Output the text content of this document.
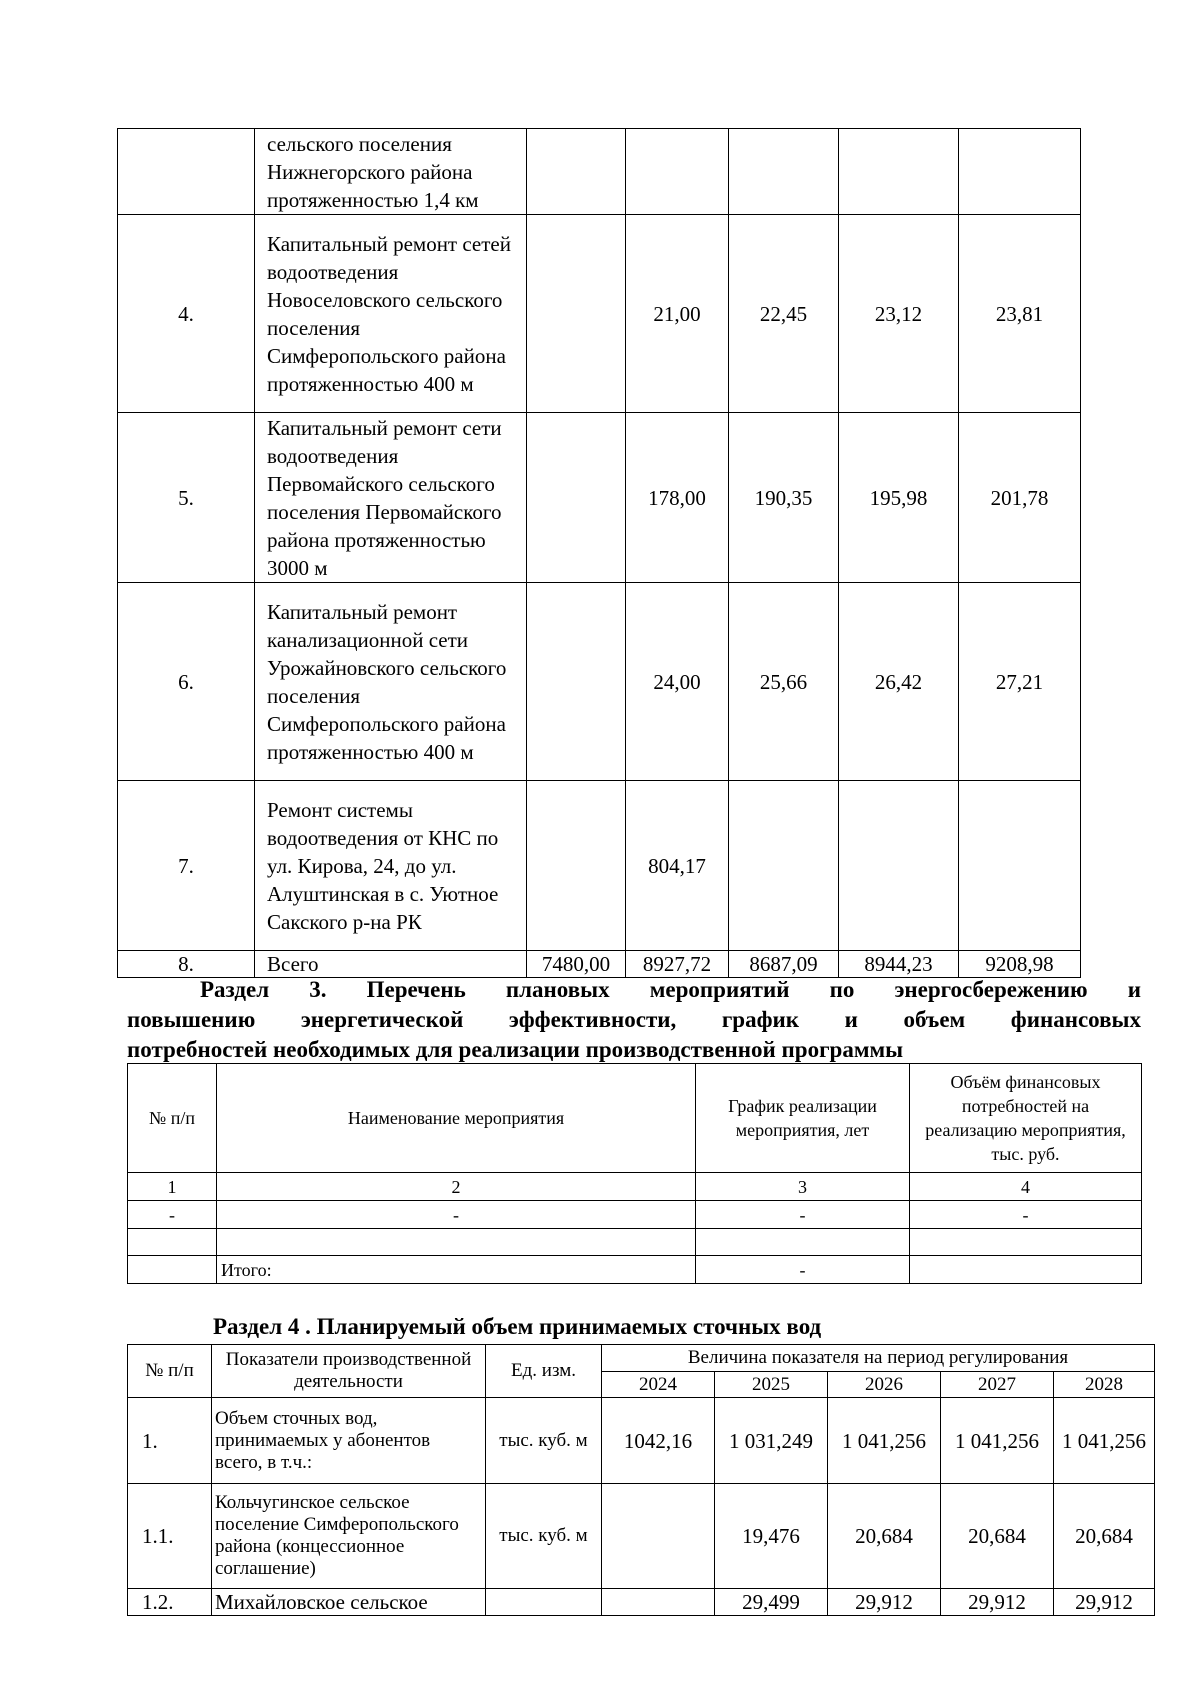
	сельского поселения Нижнегорского района протяженностью 1,4 км					
4.	Капитальный ремонт сетей водоотведения Новоселовского сельского поселения Симферопольского района протяженностью 400 м		21,00	22,45	23,12	23,81
5.	Капитальный ремонт сети водоотведения Первомайского сельского поселения Первомайского района протяженностью 3000 м		178,00	190,35	195,98	201,78
6.	Капитальный ремонт канализационной сети Урожайновского сельского поселения Симферопольского района протяженностью 400 м		24,00	25,66	26,42	27,21
7.	Ремонт системы водоотведения от КНС по ул. Кирова, 24, до ул. Алуштинская в с. Уютное Сакского р-на РК		804,17			
8.	Всего	7480,00	8927,72	8687,09	8944,23	9208,98
Раздел 3. Перечень плановых мероприятий по энергосбережению и
повышению энергетической эффективности, график и объем финансовых
потребностей необходимых для реализации производственной программы
№ п/п	Наименование мероприятия	График реализации мероприятия, лет	Объём финансовых потребностей на реализацию мероприятия, тыс. руб.
1	2	3	4
-	-	-	-

	Итого:	-	
Раздел 4 . Планируемый объем принимаемых сточных вод
№ п/п	Показатели производственной деятельности	Ед. изм.	Величина показателя на период регулирования				
			2024	2025	2026	2027	2028
1.	Объем сточных вод, принимаемых у абонентов всего, в т.ч.:	тыс. куб. м	1042,16	1 031,249	1 041,256	1 041,256	1 041,256
1.1.	Кольчугинское сельское поселение Симферопольского района (концессионное соглашение)	тыс. куб. м		19,476	20,684	20,684	20,684
1.2.	Михайловское сельское			29,499	29,912	29,912	29,912
